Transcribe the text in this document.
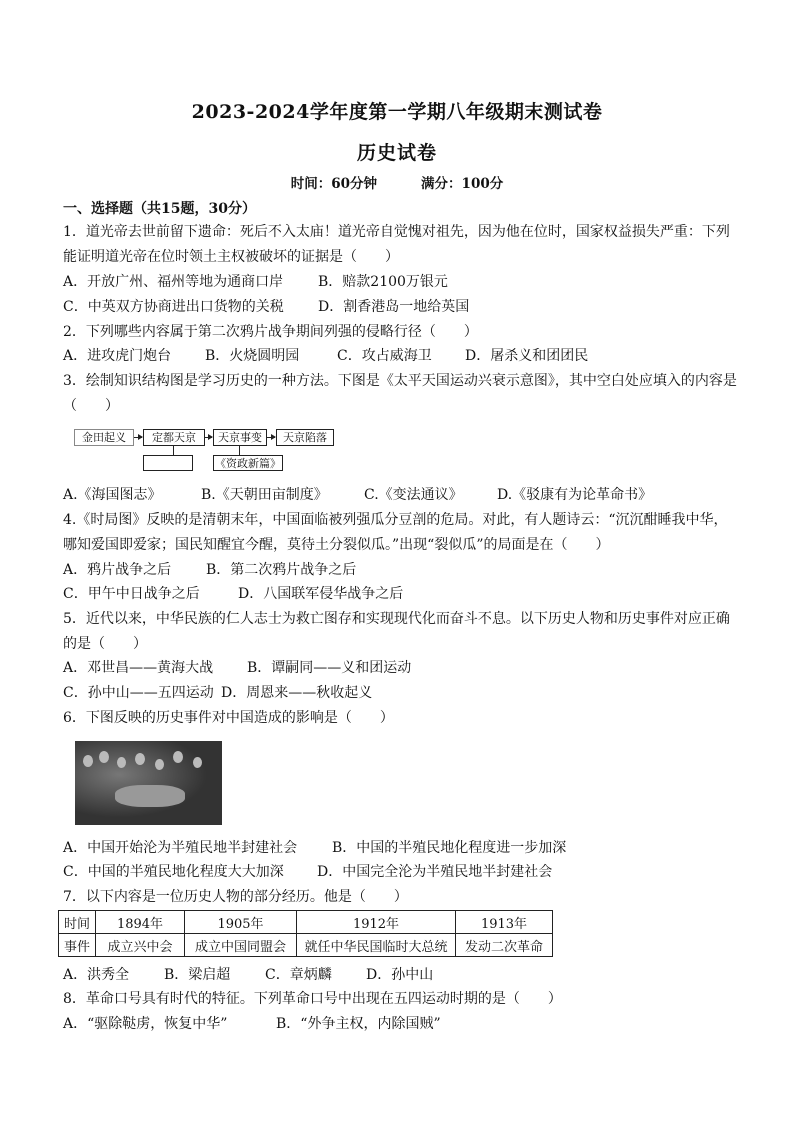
2023-2024学年度第一学期八年级期末测试卷
历史试卷
时间：60分钟	满分：100分
一、选择题（共15题，30分）
1．道光帝去世前留下遗命：死后不入太庙！道光帝自觉愧对祖先，因为他在位时，国家权益损失严重：下列
能证明道光帝在位时领土主权被破坏的证据是（　　）
A．开放广州、福州等地为通商口岸 B．赔款2100万银元
C．中英双方协商进出口货物的关税 D．割香港岛一地给英国
2．下列哪些内容属于第二次鸦片战争期间列强的侵略行径（　　）
A．进攻虎门炮台 B．火烧圆明园	C．攻占威海卫 D．屠杀义和团团民
3．绘制知识结构图是学习历史的一种方法。下图是《太平天国运动兴衰示意图》，其中空白处应填入的内容是
（　　）
金田起义	定都天京	天京事变	天京陷落
《资政新篇》
A.《海国图志》	B.《天朝田亩制度》	C.《变法通议》 D.《驳康有为论革命书》
4.《时局图》反映的是清朝末年，中国面临被列强瓜分豆剖的危局。对此，有人题诗云：“沉沉酣睡我中华，
哪知爱国即爱家；国民知醒宜今醒，莫待土分裂似瓜。”出现“裂似瓜”的局面是在（　　）
A．鸦片战争之后 B．第二次鸦片战争之后
C．甲午中日战争之后	D．八国联军侵华战争之后
5．近代以来，中华民族的仁人志士为救亡图存和实现现代化而奋斗不息。以下历史人物和历史事件对应正确
的是（　　）
A．邓世昌——黄海大战 B．谭嗣同——义和团运动
C．孙中山——五四运动 D．周恩来——秋收起义
6．下图反映的历史事件对中国造成的影响是（　　）
A．中国开始沦为半殖民地半封建社会 B．中国的半殖民地化程度进一步加深
C．中国的半殖民地化程度大大加深 D．中国完全沦为半殖民地半封建社会
7．以下内容是一位历史人物的部分经历。他是（　　）
时间	1894年	1905年	1912年	1913年
事件	成立兴中会	成立中国同盟会	就任中华民国临时大总统	发动二次革命
A．洪秀全 B．梁启超 C．章炳麟 D．孙中山
8．革命口号具有时代的特征。下列革命口号中出现在五四运动时期的是（　　）
A．“驱除鞑虏，恢复中华”	B．“外争主权，内除国贼”
